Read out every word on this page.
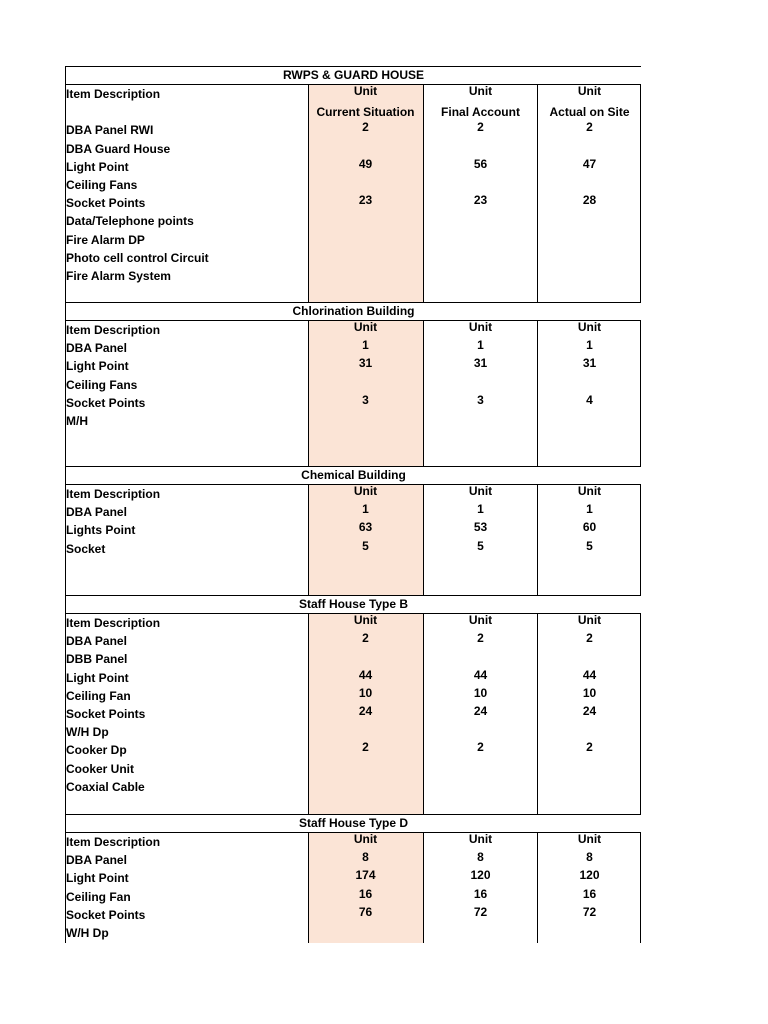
RWPS & GUARD HOUSE
Item Description	Unit	Unit	Unit
Current Situation	Final Account	Actual on Site
DBA Panel RWI	2	2	2
DBA Guard House
Light Point	49	56	47
Ceiling Fans
Socket Points	23	23	28
Data/Telephone points
Fire Alarm DP
Photo cell control Circuit
Fire Alarm System
Chlorination Building
Item Description	Unit	Unit	Unit
DBA Panel	1	1	1
Light Point	31	31	31
Ceiling Fans
Socket Points	3	3	4
M/H
Chemical Building
Item Description	Unit	Unit	Unit
DBA Panel	1	1	1
Lights Point	63	53	60
Socket	5	5	5
Staff House Type B
Item Description	Unit	Unit	Unit
DBA Panel	2	2	2
DBB Panel
Light Point	44	44	44
Ceiling Fan	10	10	10
Socket Points	24	24	24
W/H Dp
Cooker Dp	2	2	2
Cooker Unit
Coaxial Cable
Staff House Type D
Item Description	Unit	Unit	Unit
DBA Panel	8	8	8
Light Point	174	120	120
Ceiling Fan	16	16	16
Socket Points	76	72	72
W/H Dp
